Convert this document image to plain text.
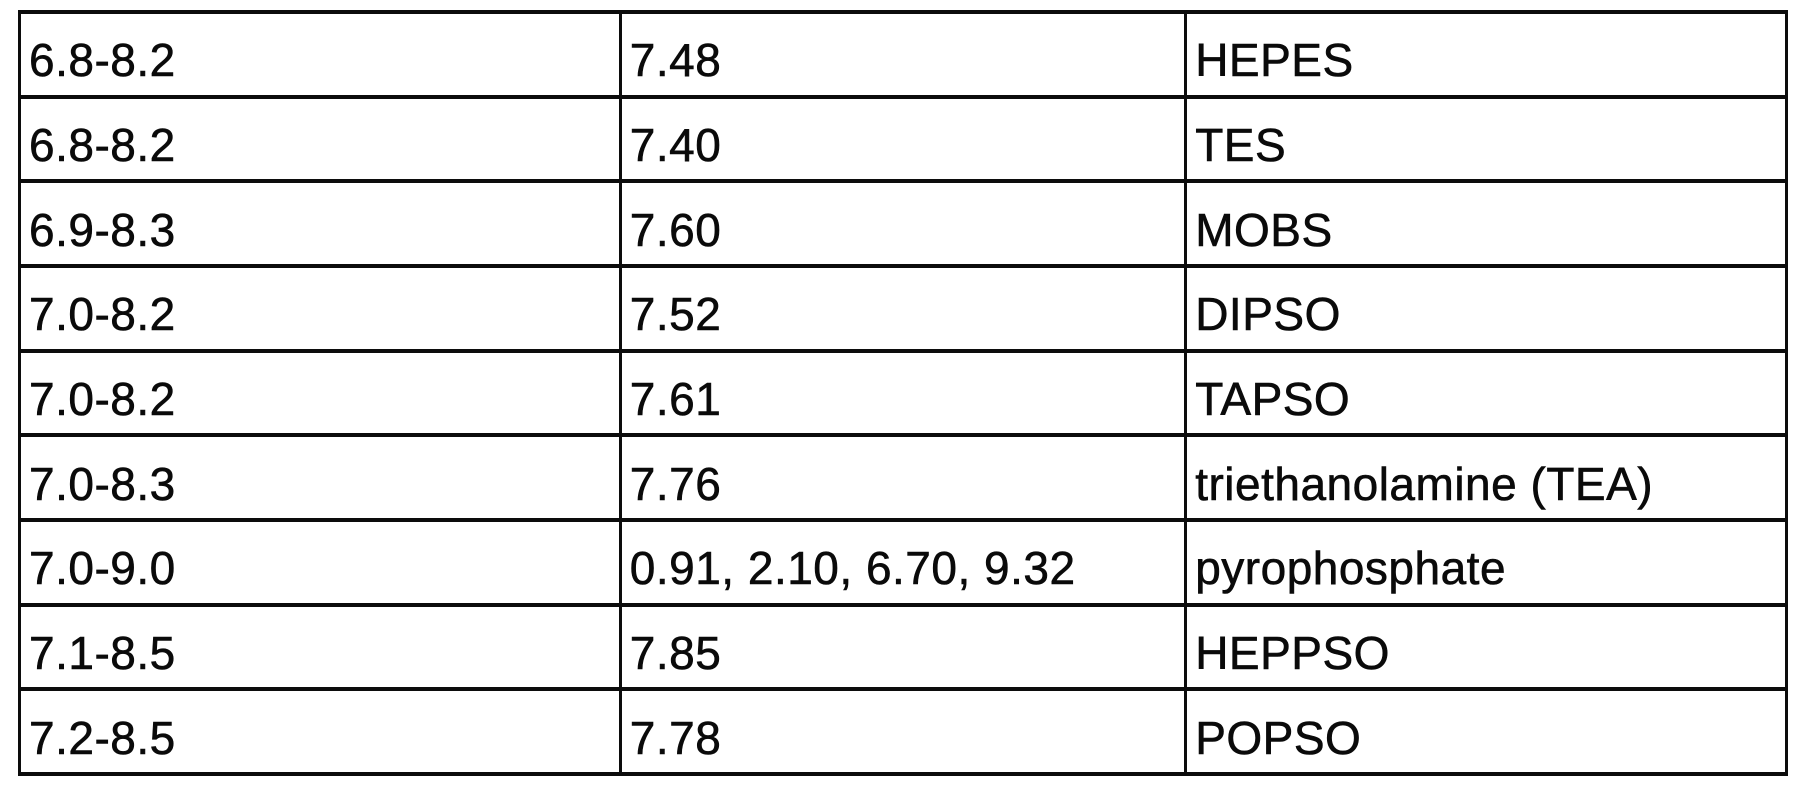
6.8-8.2	7.48	HEPES
6.8-8.2	7.40	TES
6.9-8.3	7.60	MOBS
7.0-8.2	7.52	DIPSO
7.0-8.2	7.61	TAPSO
7.0-8.3	7.76	triethanolamine (TEA)
7.0-9.0	0.91, 2.10, 6.70, 9.32	pyrophosphate
7.1-8.5	7.85	HEPPSO
7.2-8.5	7.78	POPSO
